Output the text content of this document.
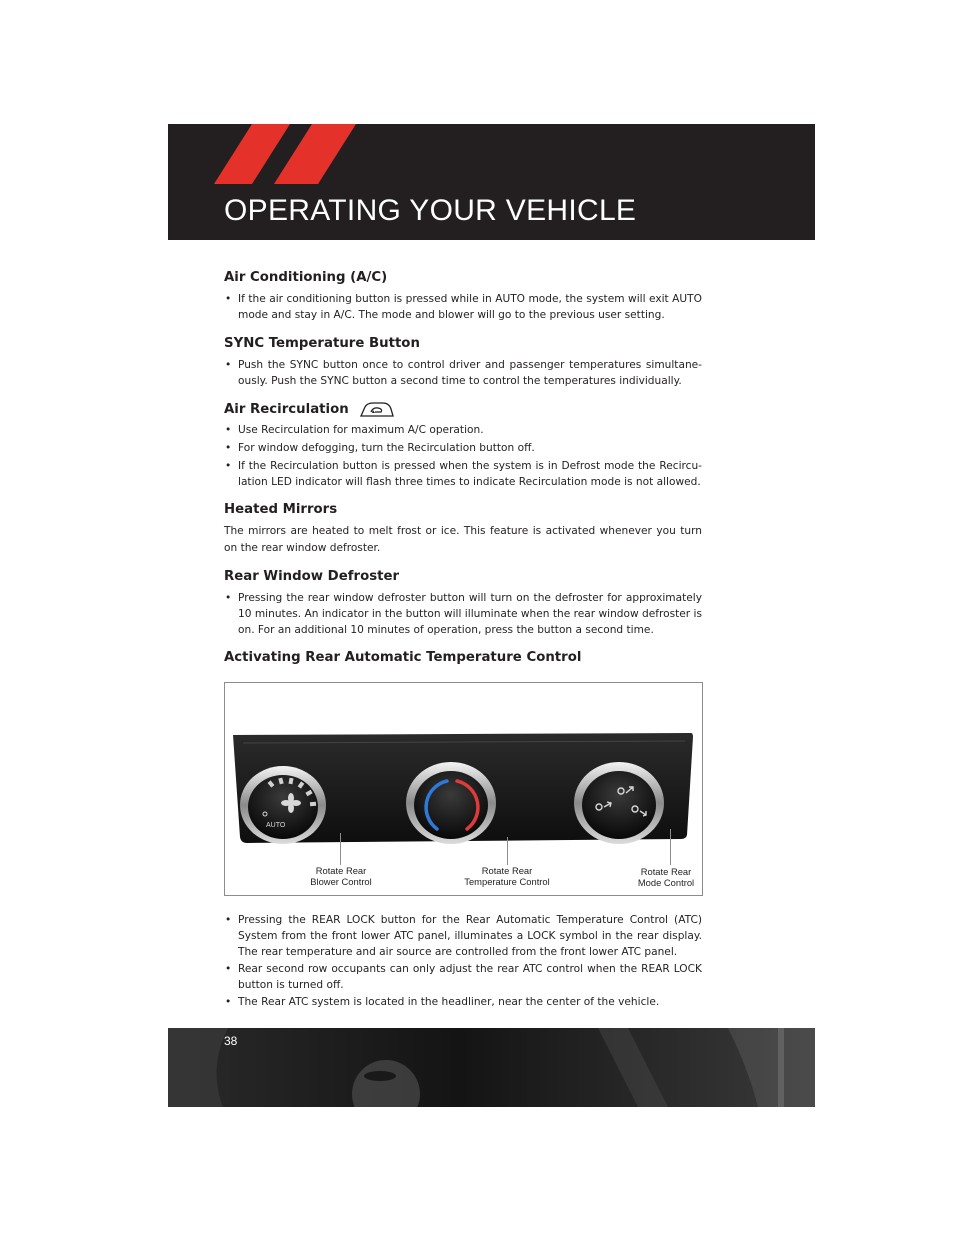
OPERATING YOUR VEHICLE
Air Conditioning (A/C)
• If the air conditioning button is pressed while in AUTO mode, the system will exit AUTO mode and stay in A/C. The mode and blower will go to the previous user setting.
SYNC Temperature Button
• Push the SYNC button once to control driver and passenger temperatures simultane-ously. Push the SYNC button a second time to control the temperatures individually.
Air Recirculation
• Use Recirculation for maximum A/C operation.
• For window defogging, turn the Recirculation button off.
• If the Recirculation button is pressed when the system is in Defrost mode the Recircu-lation LED indicator will flash three times to indicate Recirculation mode is not allowed.
Heated Mirrors

The mirrors are heated to melt frost or ice. This feature is activated whenever you turn on the rear window defroster.

Rear Window Defroster
• Pressing the rear window defroster button will turn on the defroster for approximately 10 minutes. An indicator in the button will illuminate when the rear window defroster is on. For an additional 10 minutes of operation, press the button a second time.
Activating Rear Automatic Temperature Control
AUTO
Rotate Rear
Blower Control
Rotate Rear
Temperature Control
Rotate Rear
Mode Control
• Pressing the REAR LOCK button for the Rear Automatic Temperature Control (ATC) System from the front lower ATC panel, illuminates a LOCK symbol in the rear display. The rear temperature and air source are controlled from the front lower ATC panel.
• Rear second row occupants can only adjust the rear ATC control when the REAR LOCK button is turned off.
• The Rear ATC system is located in the headliner, near the center of the vehicle.
38
